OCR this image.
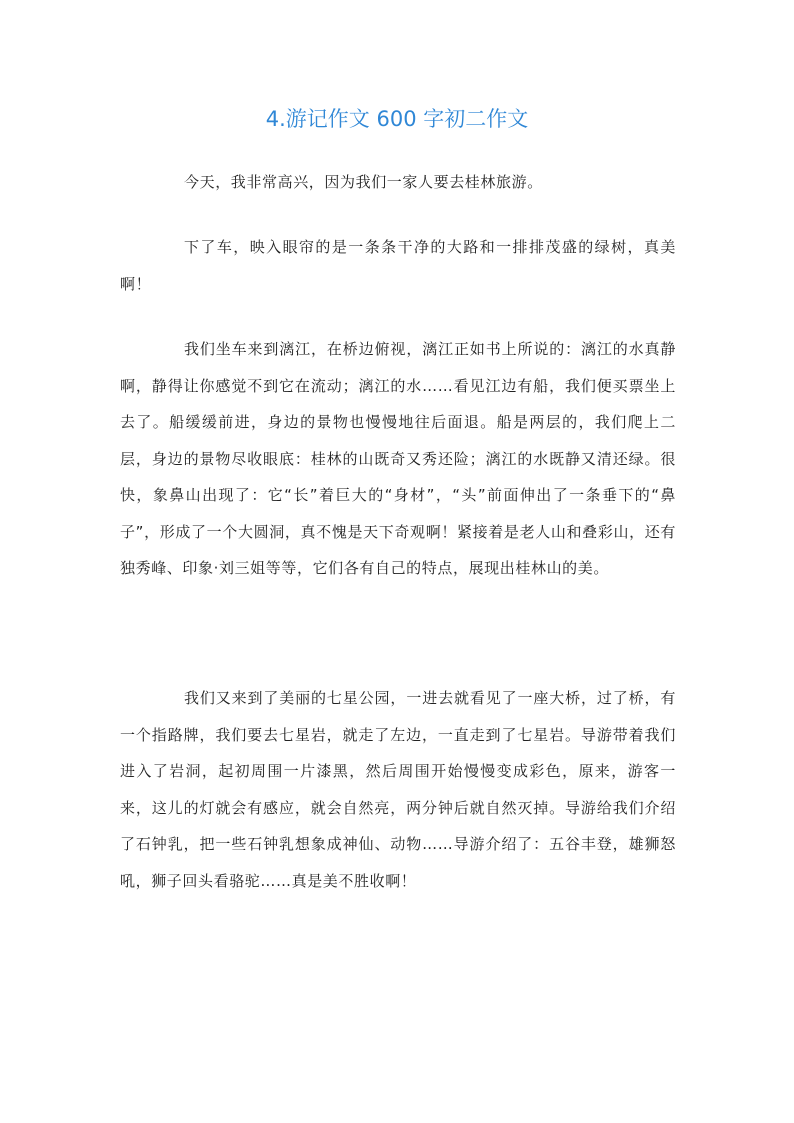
4.游记作文 600 字初二作文

今天，我非常高兴，因为我们一家人要去桂林旅游。

下了车，映入眼帘的是一条条干净的大路和一排排茂盛的绿树，真美啊！

我们坐车来到漓江，在桥边俯视，漓江正如书上所说的：漓江的水真静啊，静得让你感觉不到它在流动；漓江的水……看见江边有船，我们便买票坐上去了。船缓缓前进，身边的景物也慢慢地往后面退。船是两层的，我们爬上二层，身边的景物尽收眼底：桂林的山既奇又秀还险；漓江的水既静又清还绿。很快，象鼻山出现了：它“长”着巨大的“身材”，“头”前面伸出了一条垂下的“鼻子”，形成了一个大圆洞，真不愧是天下奇观啊！紧接着是老人山和叠彩山，还有独秀峰、印象·刘三姐等等，它们各有自己的特点，展现出桂林山的美。

我们又来到了美丽的七星公园，一进去就看见了一座大桥，过了桥，有一个指路牌，我们要去七星岩，就走了左边，一直走到了七星岩。导游带着我们进入了岩洞，起初周围一片漆黑，然后周围开始慢慢变成彩色，原来，游客一来，这儿的灯就会有感应，就会自然亮，两分钟后就自然灭掉。导游给我们介绍了石钟乳，把一些石钟乳想象成神仙、动物……导游介绍了：五谷丰登，雄狮怒吼，狮子回头看骆驼……真是美不胜收啊！
